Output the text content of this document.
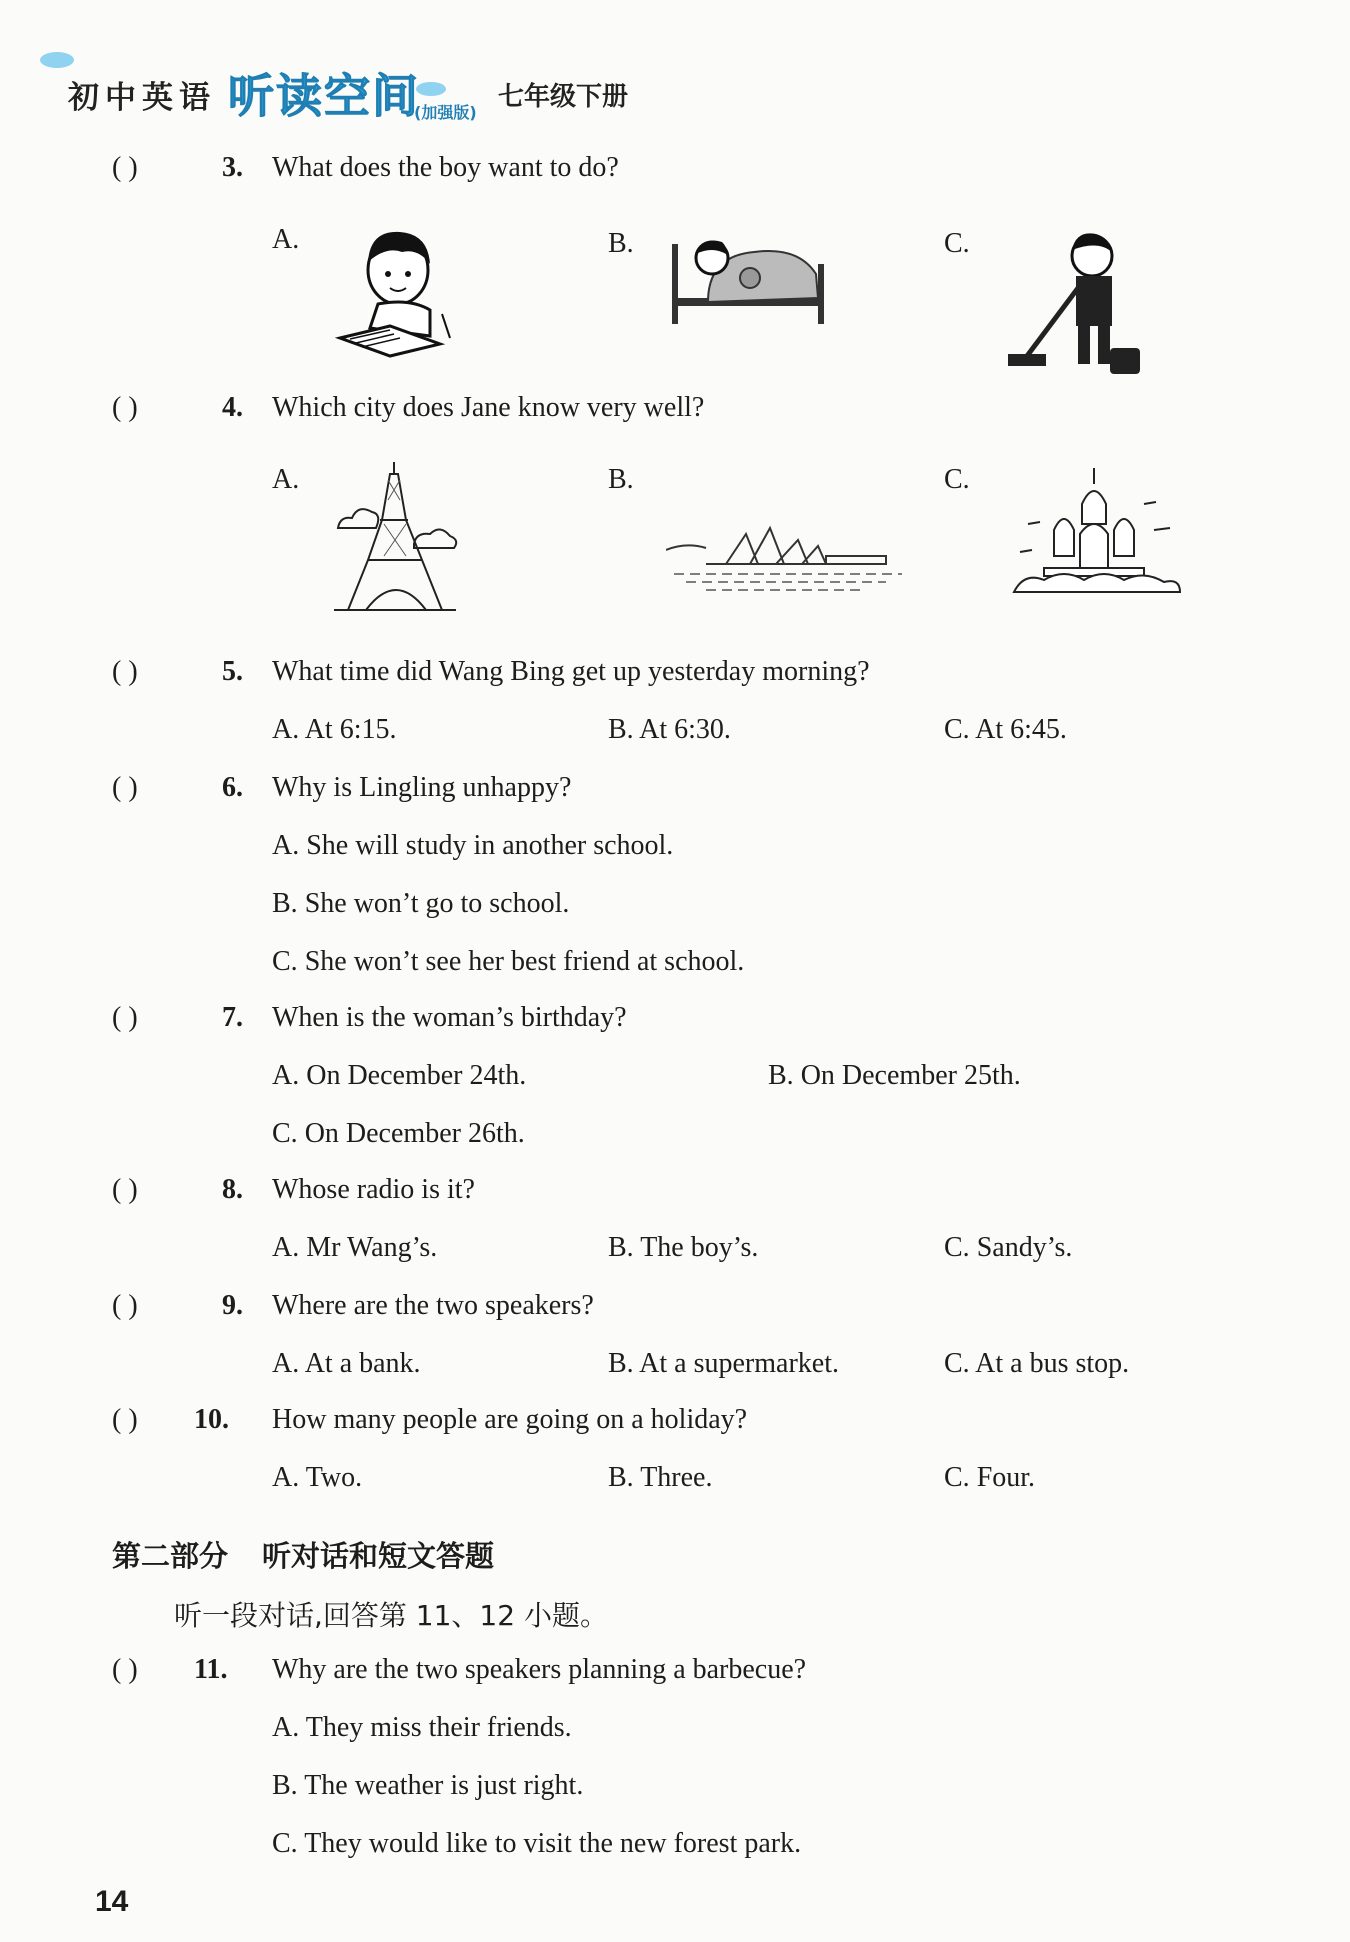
初中英语 听读空间
(加强版)
七年级下册
( )	3.	What does the boy want to do?
A.	B.	C.
( )	4.	Which city does Jane know very well?
A.	B.	C.
( )	5.	What time did Wang Bing get up yesterday morning?
A. At 6:15.	B. At 6:30.	C. At 6:45.
( )	6.	Why is Lingling unhappy?
A. She will study in another school.
B. She won’t go to school.
C. She won’t see her best friend at school.
( )	7.	When is the woman’s birthday?
A. On December 24th.	B. On December 25th.
C. On December 26th.
( )	8.	Whose radio is it?
A. Mr Wang’s.	B. The boy’s.	C. Sandy’s.
( )	9.	Where are the two speakers?
A. At a bank.	B. At a supermarket.	C. At a bus stop.
( ) 10.	How many people are going on a holiday?
A. Two.	B. Three.	C. Four.
第二部分 听对话和短文答题
听一段对话,回答第 11、12 小题。
( ) 11.	Why are the two speakers planning a barbecue?
A. They miss their friends.
B. The weather is just right.
C. They would like to visit the new forest park.
14
